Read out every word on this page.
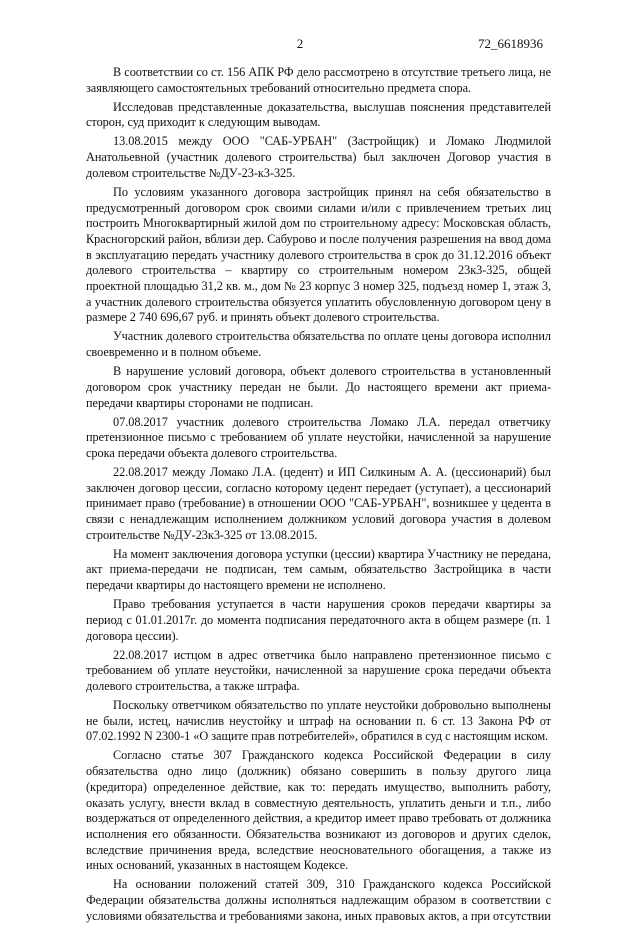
2	72_6618936

В соответствии со ст. 156 АПК РФ дело рассмотрено в отсутствие третьего лица, не заявляющего самостоятельных требований относительно предмета спора.

Исследовав представленные доказательства, выслушав пояснения представителей сторон, суд приходит к следующим выводам.

13.08.2015 между ООО "САБ-УРБАН" (Застройщик) и Ломако Людмилой Анатольевной (участник долевого строительства) был заключен Договор участия в долевом строительстве №ДУ-23-к3-325.

По условиям указанного договора застройщик принял на себя обязательство в предусмотренный договором срок своими силами и/или с привлечением третьих лиц построить Многоквартирный жилой дом по строительному адресу: Московская область, Красногорский район, вблизи дер. Сабурово и после получения разрешения на ввод дома в эксплуатацию передать участнику долевого строительства в срок до 31.12.2016 объект долевого строительства – квартиру со строительным номером 23к3-325, общей проектной площадью 31,2 кв. м., дом № 23 корпус 3 номер 325, подъезд номер 1, этаж 3, а участник долевого строительства обязуется уплатить обусловленную договором цену в размере 2 740 696,67 руб. и принять объект долевого строительства.

Участник долевого строительства обязательства по оплате цены договора исполнил своевременно и в полном объеме.

В нарушение условий договора, объект долевого строительства в установленный договором срок участнику передан не были. До настоящего времени акт приема-передачи квартиры сторонами не подписан.

07.08.2017 участник долевого строительства Ломако Л.А. передал ответчику претензионное письмо с требованием об уплате неустойки, начисленной за нарушение срока передачи объекта долевого строительства.

22.08.2017 между Ломако Л.А. (цедент) и ИП Силкиным А. А. (цессионарий) был заключен договор цессии, согласно которому цедент передает (уступает), а цессионарий принимает право (требование) в отношении ООО "САБ-УРБАН", возникшее у цедента в связи с ненадлежащим исполнением должником условий договора участия в долевом строительстве №ДУ-23к3-325 от 13.08.2015.

На момент заключения договора уступки (цессии) квартира Участнику не передана, акт приема-передачи не подписан, тем самым, обязательство Застройщика в части передачи квартиры до настоящего времени не исполнено.

Право требования уступается в части нарушения сроков передачи квартиры за период с 01.01.2017г. до момента подписания передаточного акта в общем размере (п. 1 договора цессии).

22.08.2017 истцом в адрес ответчика было направлено претензионное письмо с требованием об уплате неустойки, начисленной за нарушение срока передачи объекта долевого строительства, а также штрафа.

Поскольку ответчиком обязательство по уплате неустойки добровольно выполнены не были, истец, начислив неустойку и штраф на основании п. 6 ст. 13 Закона РФ от 07.02.1992 N 2300-1 «О защите прав потребителей», обратился в суд с настоящим иском.

Согласно статье 307 Гражданского кодекса Российской Федерации в силу обязательства одно лицо (должник) обязано совершить в пользу другого лица (кредитора) определенное действие, как то: передать имущество, выполнить работу, оказать услугу, внести вклад в совместную деятельность, уплатить деньги и т.п., либо воздержаться от определенного действия, а кредитор имеет право требовать от должника исполнения его обязанности. Обязательства возникают из договоров и других сделок, вследствие причинения вреда, вследствие неосновательного обогащения, а также из иных оснований, указанных в настоящем Кодексе.

На основании положений статей 309, 310 Гражданского кодекса Российской Федерации обязательства должны исполняться надлежащим образом в соответствии с условиями обязательства и требованиями закона, иных правовых актов, а при отсутствии
